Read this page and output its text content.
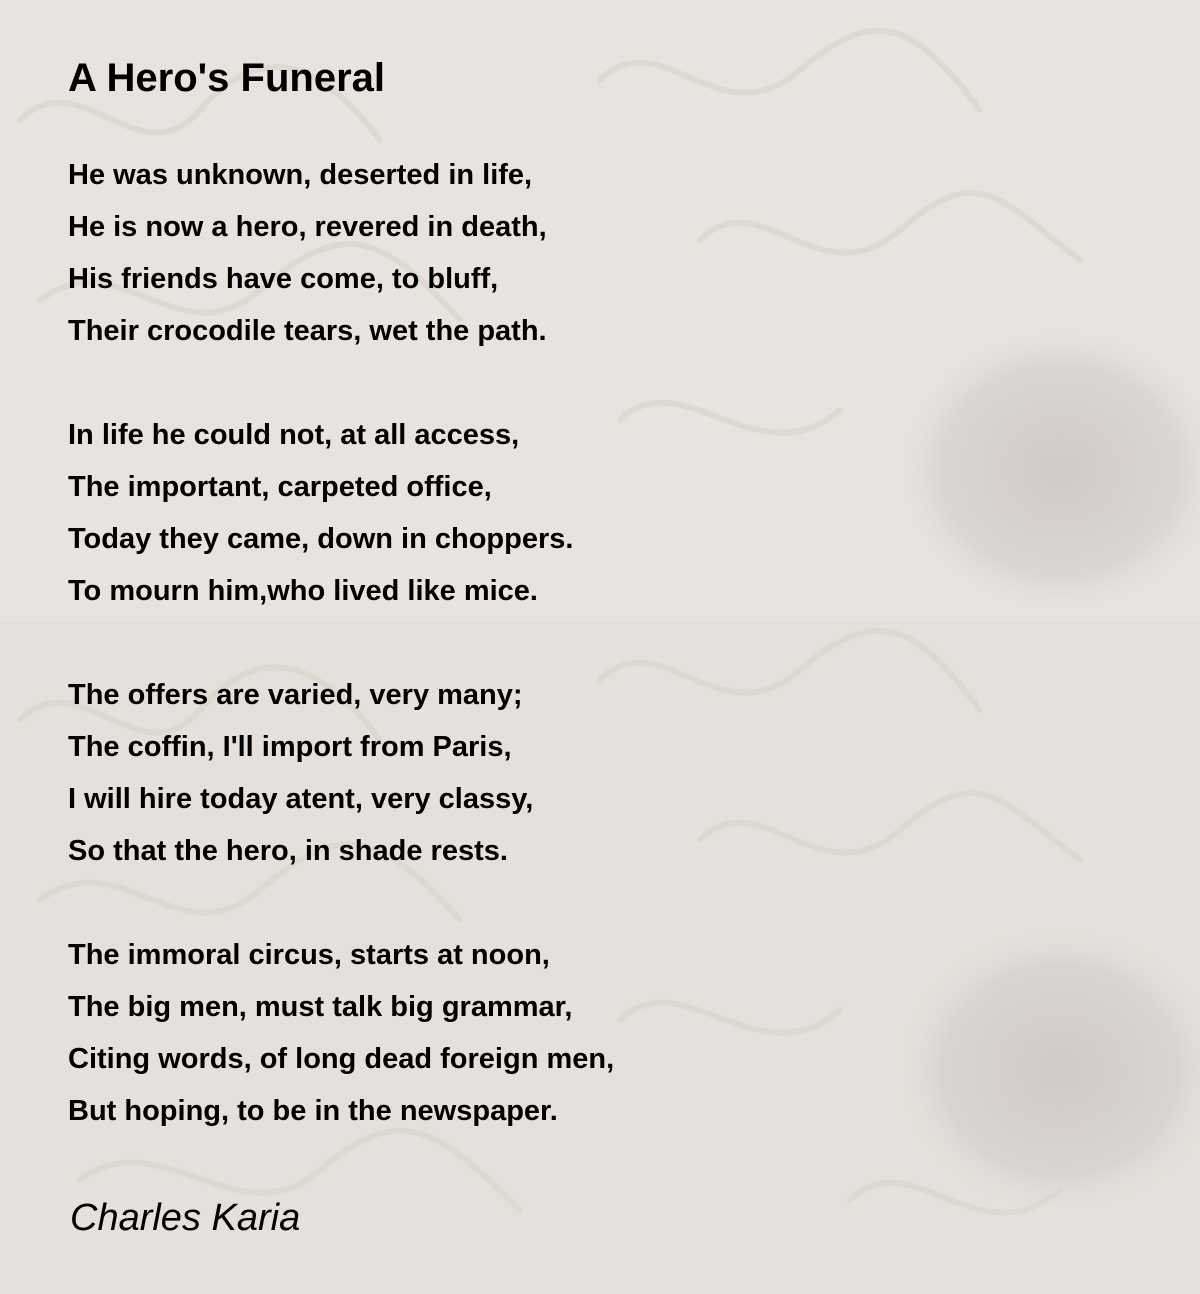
A Hero's Funeral
He was unknown, deserted in life,
He is now a hero, revered in death,
His friends have come, to bluff,
Their crocodile tears, wet the path.
In life he could not, at all access,
The important, carpeted office,
Today they came, down in choppers.
To mourn him,who lived like mice.
The offers are varied, very many;
The coffin, I'll import from Paris,
I will hire today atent, very classy,
So that the hero, in shade rests.
The immoral circus, starts at noon,
The big men, must talk big grammar,
Citing words, of long dead foreign men,
But hoping, to be in the newspaper.
Charles Karia
